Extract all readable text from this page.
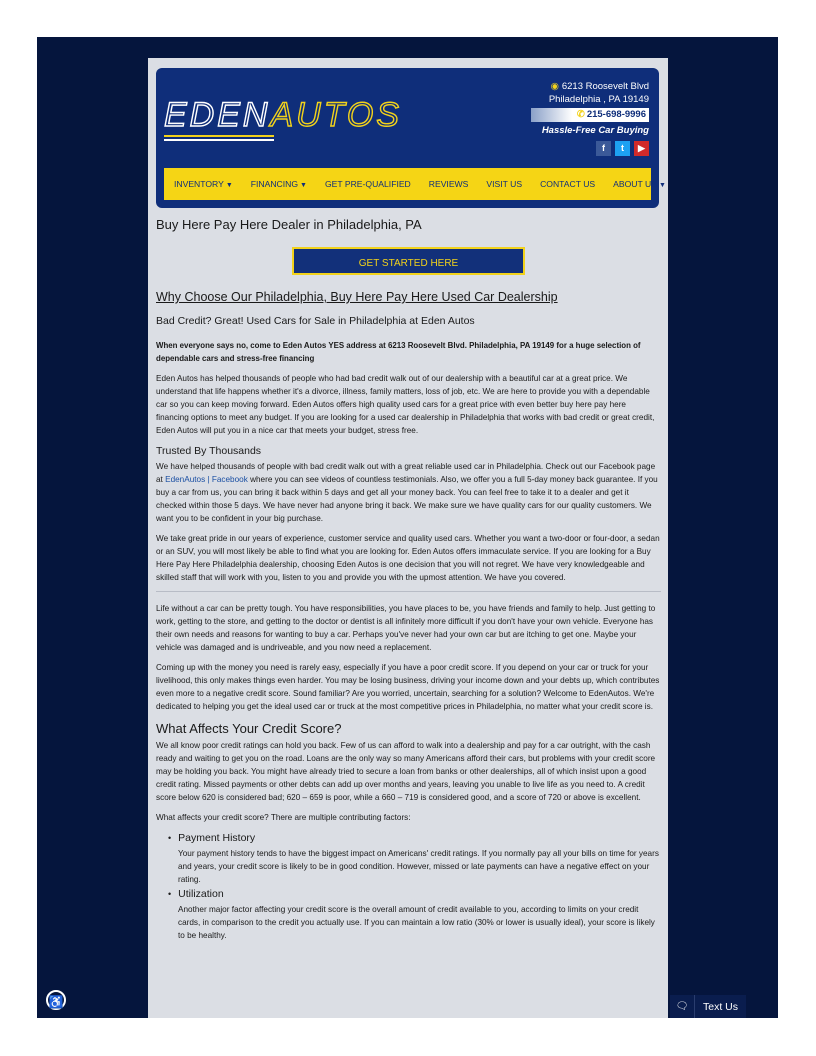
EDENAUTOS
◉ 6213 Roosevelt Blvd
Philadelphia , PA 19149
✆ 215-698-9996
Hassle-Free Car Buying
f	t	▶
INVENTORY ▼	FINANCING ▼	GET PRE-QUALIFIED	REVIEWS	VISIT US	CONTACT US	ABOUT US ▼
Buy Here Pay Here Dealer in Philadelphia, PA
GET STARTED HERE
Why Choose Our Philadelphia, Buy Here Pay Here Used Car Dealership
Bad Credit? Great! Used Cars for Sale in Philadelphia at Eden Autos

When everyone says no, come to Eden Autos YES address at 6213 Roosevelt Blvd. Philadelphia, PA 19149 for a huge selection of dependable cars and stress-free financing

Eden Autos has helped thousands of people who had bad credit walk out of our dealership with a beautiful car at a great price. We understand that life happens whether it's a divorce, illness, family matters, loss of job, etc. We are here to provide you with a dependable car so you can keep moving forward. Eden Autos offers high quality used cars for a great price with even better buy here pay here financing options to meet any budget. If you are looking for a used car dealership in Philadelphia that works with bad credit or great credit, Eden Autos will put you in a nice car that meets your budget, stress free.

Trusted By Thousands

We have helped thousands of people with bad credit walk out with a great reliable used car in Philadelphia. Check out our Facebook page at EdenAutos | Facebook where you can see videos of countless testimonials. Also, we offer you a full 5-day money back guarantee. If you buy a car from us, you can bring it back within 5 days and get all your money back. You can feel free to take it to a dealer and get it checked within those 5 days. We have never had anyone bring it back. We make sure we have quality cars for our quality customers. We want you to be confident in your big purchase.

We take great pride in our years of experience, customer service and quality used cars. Whether you want a two-door or four-door, a sedan or an SUV, you will most likely be able to find what you are looking for. Eden Autos offers immaculate service. If you are looking for a Buy Here Pay Here Philadelphia dealership, choosing Eden Autos is one decision that you will not regret. We have very knowledgeable and skilled staff that will work with you, listen to you and provide you with the upmost attention. We have you covered.

Life without a car can be pretty tough. You have responsibilities, you have places to be, you have friends and family to help. Just getting to work, getting to the store, and getting to the doctor or dentist is all infinitely more difficult if you don't have your own vehicle. Everyone has their own needs and reasons for wanting to buy a car. Perhaps you've never had your own car but are itching to get one. Maybe your vehicle was damaged and is undriveable, and you now need a replacement.

Coming up with the money you need is rarely easy, especially if you have a poor credit score. If you depend on your car or truck for your livelihood, this only makes things even harder. You may be losing business, driving your income down and your debts up, which contributes even more to a negative credit score. Sound familiar? Are you worried, uncertain, searching for a solution? Welcome to EdenAutos. We're dedicated to helping you get the ideal used car or truck at the most competitive prices in Philadelphia, no matter what your credit score is.

What Affects Your Credit Score?

We all know poor credit ratings can hold you back. Few of us can afford to walk into a dealership and pay for a car outright, with the cash ready and waiting to get you on the road. Loans are the only way so many Americans afford their cars, but problems with your credit score may be holding you back. You might have already tried to secure a loan from banks or other dealerships, all of which insist upon a good credit rating. Missed payments or other debts can add up over months and years, leaving you unable to live life as you need to. A credit score below 620 is considered bad; 620 – 659 is poor, while a 660 – 719 is considered good, and a score of 720 or above is excellent.

What affects your credit score? There are multiple contributing factors:

• Payment History
Your payment history tends to have the biggest impact on Americans' credit ratings. If you normally pay all your bills on time for years and years, your credit score is likely to be in good condition. However, missed or late payments can have a negative effect on your rating.
• Utilization
Another major factor affecting your credit score is the overall amount of credit available to you, according to limits on your credit cards, in comparison to the credit you actually use. If you can maintain a low ratio (30% or lower is usually ideal), your score is likely to be healthy.
♿	🗨	Text Us
